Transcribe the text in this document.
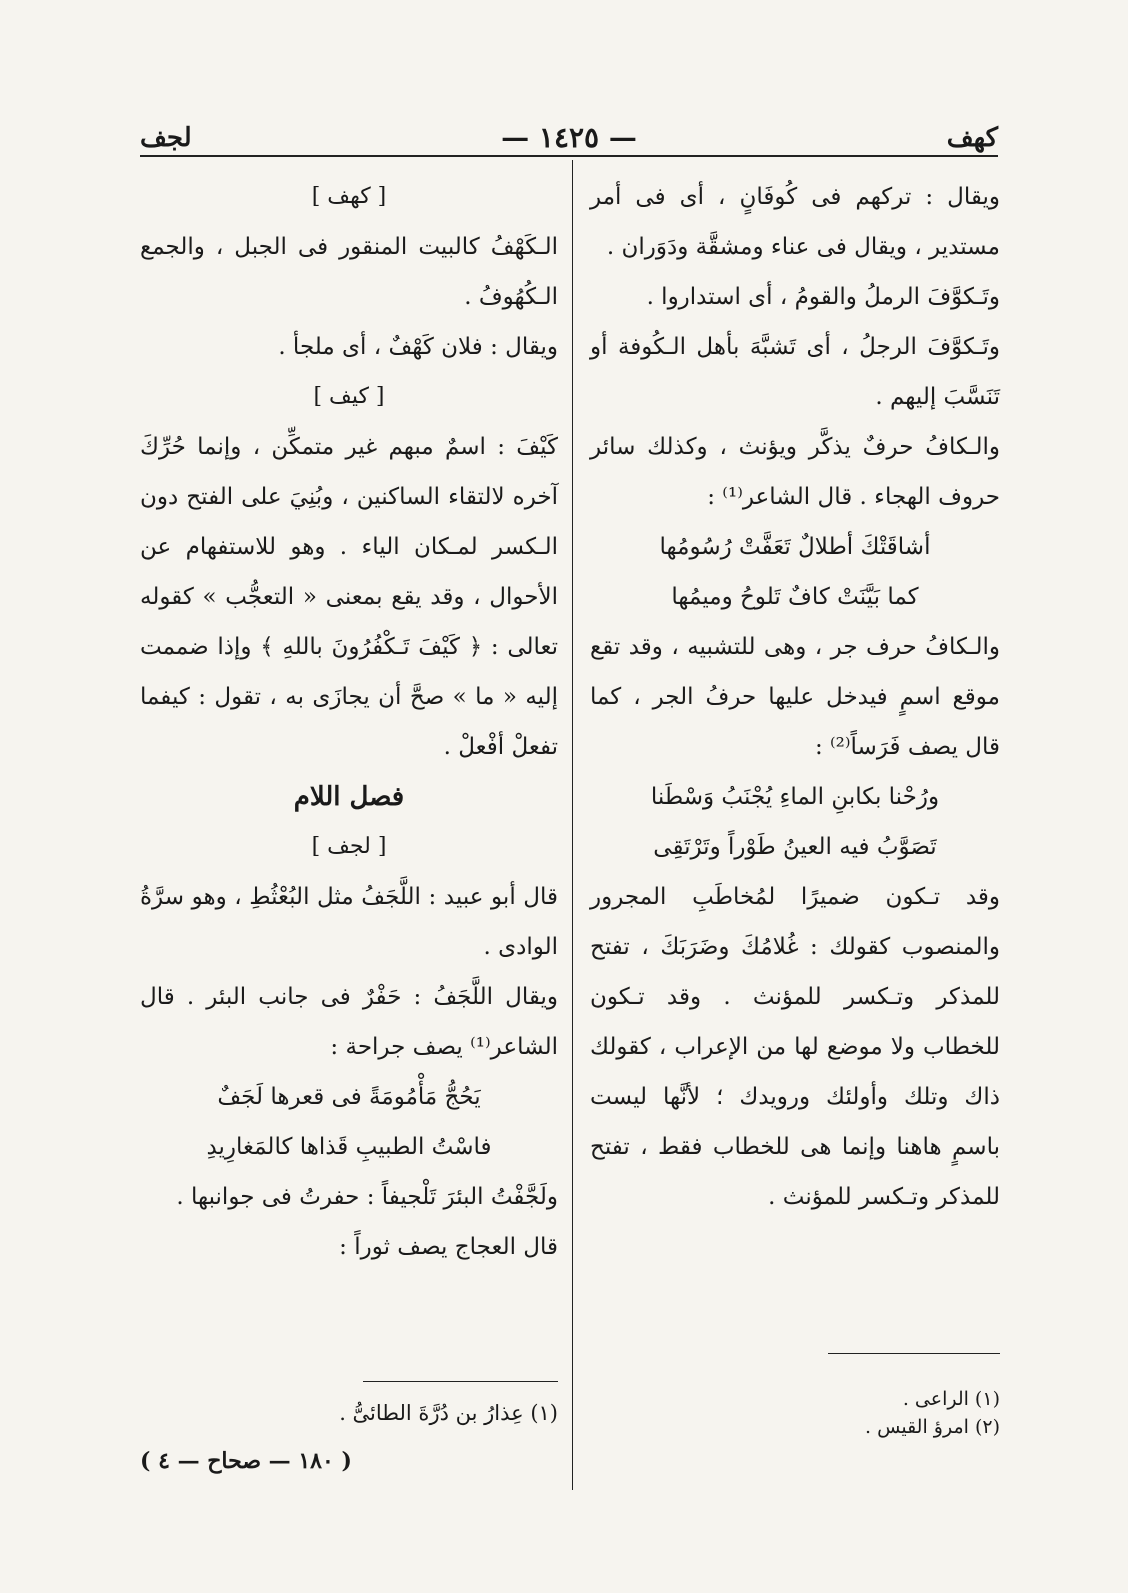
كهف
— ١٤٢٥ —
لجف

ويقال : تركهم فى كُوفَانٍ ، أى فى أمر مستدير ، ويقال فى عناء ومشقَّة ودَوَران .

وتَـكوَّفَ الرملُ والقومُ ، أى استداروا .

وتَـكوَّفَ الرجلُ ، أى تَشبَّهَ بأهل الـكُوفة أو تَنَسَّبَ إليهم .

والـكافُ حرفٌ يذكَّر ويؤنث ، وكذلك سائر حروف الهجاء . قال الشاعر⁽¹⁾ :

أشاقَتْكَ أطلالٌ تَعَفَّتْ رُسُومُها

كما بَيَّنَتْ كافٌ تَلوحُ وميمُها

والـكافُ حرف جر ، وهى للتشبيه ، وقد تقع موقع اسمٍ فيدخل عليها حرفُ الجر ، كما قال يصف فَرَساً⁽²⁾ :

ورُحْنا بكابنِ الماءِ يُجْنَبُ وَسْطَنا

تَصَوَّبُ فيه العينُ طَوْراً وتَرْتَقِى

وقد تـكون ضميرًا لمُخاطَبِ المجرور والمنصوب كقولك : غُلامُكَ وضَرَبَكَ ، تفتح للمذكر وتـكسر للمؤنث . وقد تـكون للخطاب ولا موضع لها من الإعراب ، كقولك ذاك وتلك وأولئك ورويدك ؛ لأنَّها ليست باسمٍ هاهنا وإنما هى للخطاب فقط ، تفتح للمذكر وتـكسر للمؤنث .

[ كهف ]

الـكَهْفُ كالبيت المنقور فى الجبل ، والجمع الـكُهُوفُ .

ويقال : فلان كَهْفٌ ، أى ملجأ .

[ كيف ]

كَيْفَ : اسمٌ مبهم غير متمكِّن ، وإنما حُرِّكَ آخره لالتقاء الساكنين ، وبُنِيَ على الفتح دون الـكسر لمـكان الياء . وهو للاستفهام عن الأحوال ، وقد يقع بمعنى « التعجُّب » كقوله تعالى : ﴿ كَيْفَ تَـكْفُرُونَ باللهِ ﴾ وإذا ضممت إليه « ما » صحَّ أن يجازَى به ، تقول : كيفما تفعلْ أفْعلْ .

فصل اللام

[ لجف ]

قال أبو عبيد : اللَّجَفُ مثل البُعْثُطِ ، وهو سرَّةُ الوادى .

ويقال اللَّجَفُ : حَفْرٌ فى جانب البئر . قال الشاعر⁽¹⁾ يصف جراحة :

يَحُجُّ مَأْمُومَةً فى قعرها لَجَفٌ

فاسْتُ الطبيبِ قَذاها كالمَغارِيدِ

ولَجَّفْتُ البئرَ تَلْجيفاً : حفرتُ فى جوانبها .

قال العجاج يصف ثوراً :

(١) الراعى .

(٢) امرؤ القيس .

(١) عِذارُ بن دُرَّةَ الطائىُّ .

( ١٨٠ — صحاح — ٤ )
